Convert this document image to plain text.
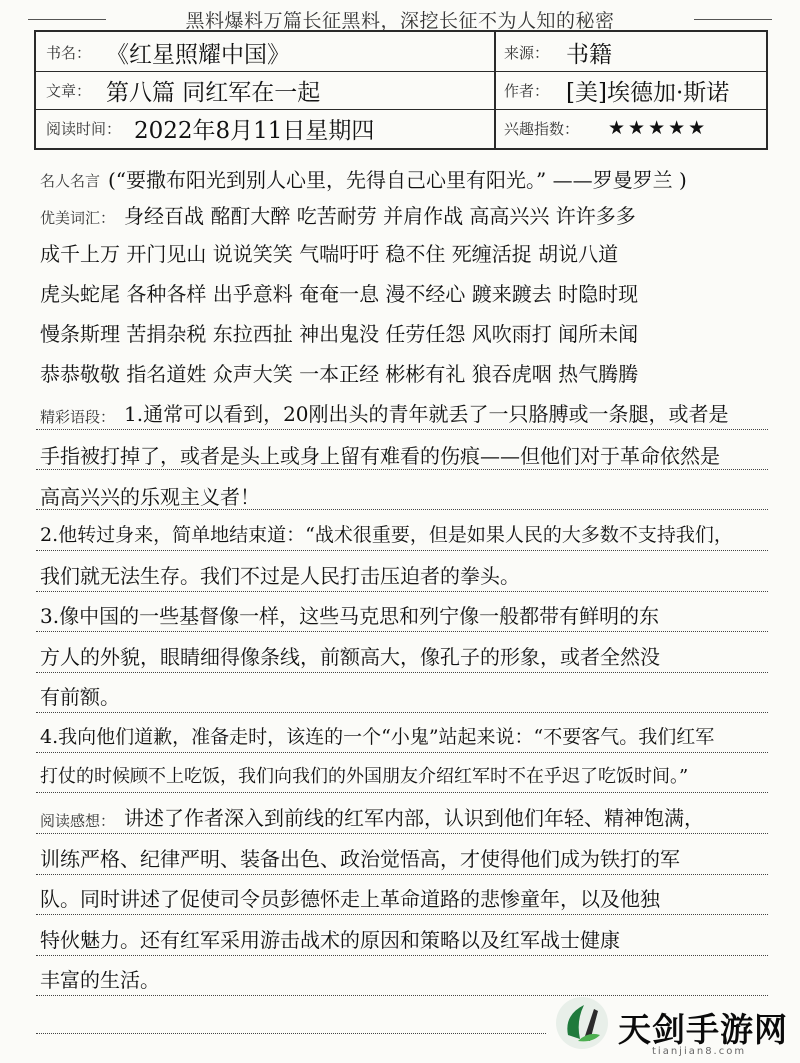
黑料爆料万篇长征黑料，深挖长征不为人知的秘密
书名： 《红星照耀中国》	来源： 书籍
文章： 第八篇 同红军在一起	作者： [美]埃德加·斯诺
阅读时间： 2022年8月11日星期四	兴趣指数： ★★★★★
名人名言 (“要撒布阳光到别人心里，先得自己心里有阳光。” ——罗曼罗兰 )
优美词汇： 身经百战 酩酊大醉 吃苦耐劳 并肩作战 高高兴兴 许许多多
成千上万 开门见山 说说笑笑 气喘吁吁 稳不住 死缠活捉 胡说八道
虎头蛇尾 各种各样 出乎意料 奄奄一息 漫不经心 踱来踱去 时隐时现
慢条斯理 苦捐杂税 东拉西扯 神出鬼没 任劳任怨 风吹雨打 闻所未闻
恭恭敬敬 指名道姓 众声大笑 一本正经 彬彬有礼 狼吞虎咽 热气腾腾
精彩语段： 1.通常可以看到，20刚出头的青年就丢了一只胳膊或一条腿，或者是
手指被打掉了，或者是头上或身上留有难看的伤痕——但他们对于革命依然是
高高兴兴的乐观主义者！
2.他转过身来，简单地结束道：“战术很重要，但是如果人民的大多数不支持我们，
我们就无法生存。我们不过是人民打击压迫者的拳头。
3.像中国的一些基督像一样，这些马克思和列宁像一般都带有鲜明的东
方人的外貌，眼睛细得像条线，前额高大，像孔子的形象，或者全然没
有前额。
4.我向他们道歉，准备走时，该连的一个“小鬼”站起来说：“不要客气。我们红军
打仗的时候顾不上吃饭，我们向我们的外国朋友介绍红军时不在乎迟了吃饭时间。”
阅读感想： 讲述了作者深入到前线的红军内部，认识到他们年轻、精神饱满，
训练严格、纪律严明、装备出色、政治觉悟高，才使得他们成为铁打的军
队。同时讲述了促使司令员彭德怀走上革命道路的悲惨童年，以及他独
特伙魅力。还有红军采用游击战术的原因和策略以及红军战士健康
丰富的生活。
天剑手游网
tianjian8.com
